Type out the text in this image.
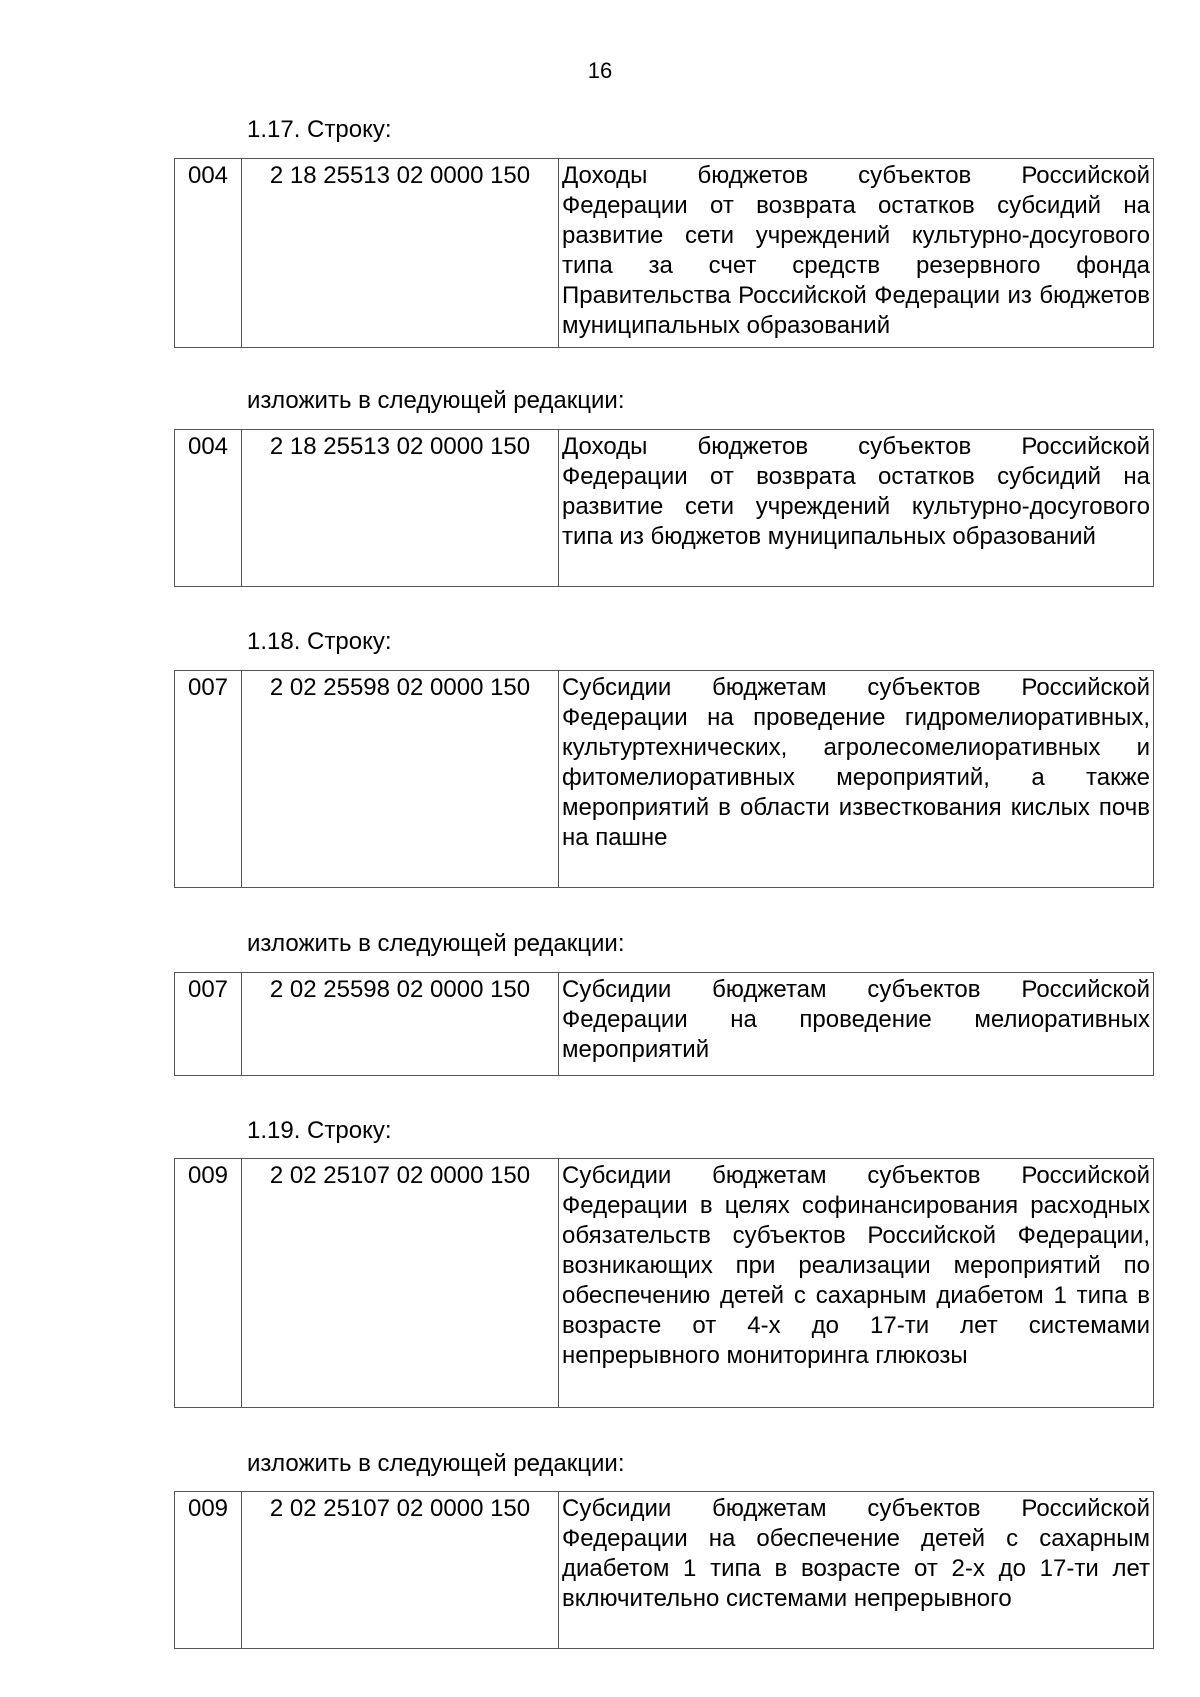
16
1.17. Строку:
004	2 18 25513 02 0000 150	Доходы бюджетов субъектов Российской Федерации от возврата остатков субсидий на развитие сети учреждений культурно-досугового типа за счет средств резервного фонда Правительства Российской Федерации из бюджетов муниципальных образований
изложить в следующей редакции:
004	2 18 25513 02 0000 150	Доходы бюджетов субъектов Российской Федерации от возврата остатков субсидий на развитие сети учреждений культурно-досугового типа из бюджетов муниципальных образований
1.18. Строку:
007	2 02 25598 02 0000 150	Субсидии бюджетам субъектов Российской Федерации на проведение гидромелиоративных, культуртехнических, агролесомелиоративных и фитомелиоративных мероприятий, а также мероприятий в области известкования кислых почв на пашне
изложить в следующей редакции:
007	2 02 25598 02 0000 150	Субсидии бюджетам субъектов Российской Федерации на проведение мелиоративных мероприятий
1.19. Строку:
009	2 02 25107 02 0000 150	Субсидии бюджетам субъектов Российской Федерации в целях софинансирования расходных обязательств субъектов Российской Федерации, возникающих при реализации мероприятий по обеспечению детей с сахарным диабетом 1 типа в возрасте от 4-х до 17-ти лет системами непрерывного мониторинга глюкозы
изложить в следующей редакции:
009	2 02 25107 02 0000 150	Субсидии бюджетам субъектов Российской Федерации на обеспечение детей с сахарным диабетом 1 типа в возрасте от 2-х до 17-ти лет включительно системами непрерывного
